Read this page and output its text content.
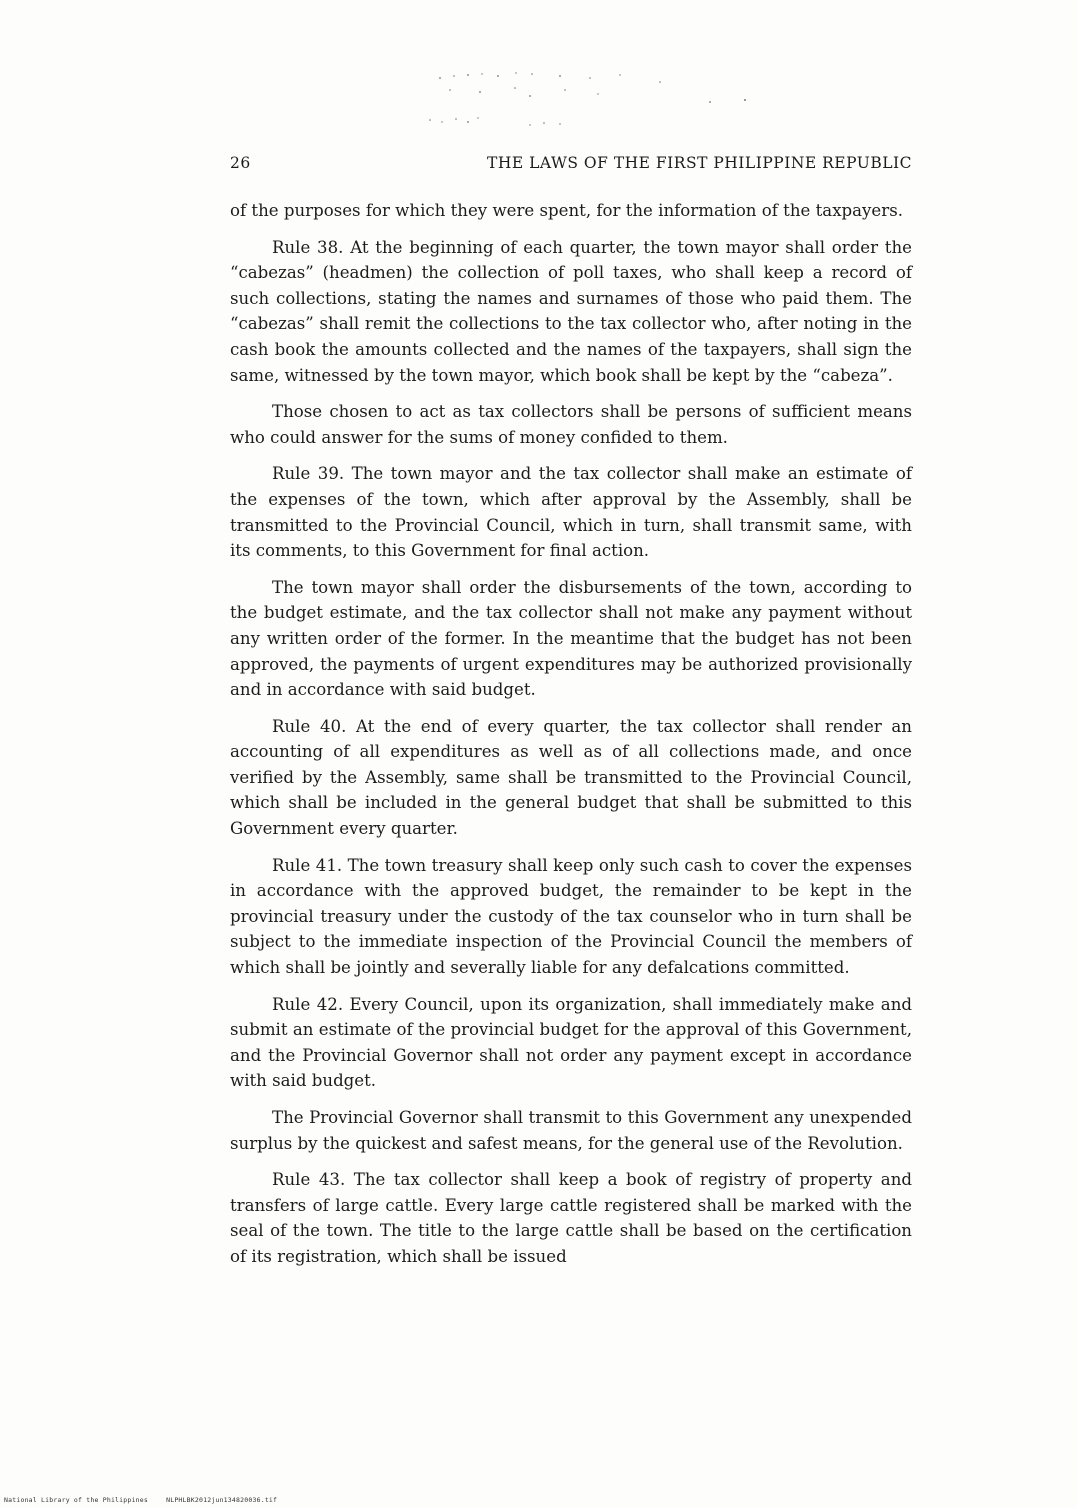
26	THE LAWS OF THE FIRST PHILIPPINE REPUBLIC

of the purposes for which they were spent, for the information of the taxpayers.

Rule 38. At the beginning of each quarter, the town mayor shall order the “cabezas” (headmen) the collection of poll taxes, who shall keep a record of such collections, stating the names and surnames of those who paid them. The “cabezas” shall remit the collections to the tax collector who, after noting in the cash book the amounts collected and the names of the taxpayers, shall sign the same, witnessed by the town mayor, which book shall be kept by the “cabeza”.

Those chosen to act as tax collectors shall be persons of sufficient means who could answer for the sums of money confided to them.

Rule 39. The town mayor and the tax collector shall make an estimate of the expenses of the town, which after approval by the Assembly, shall be transmitted to the Provincial Council, which in turn, shall transmit same, with its comments, to this Government for final action.

The town mayor shall order the disbursements of the town, according to the budget estimate, and the tax collector shall not make any payment without any written order of the former. In the meantime that the budget has not been approved, the payments of urgent expenditures may be authorized provisionally and in accordance with said budget.

Rule 40. At the end of every quarter, the tax collector shall render an accounting of all expenditures as well as of all collections made, and once verified by the Assembly, same shall be transmitted to the Provincial Council, which shall be included in the general budget that shall be submitted to this Government every quarter.

Rule 41. The town treasury shall keep only such cash to cover the expenses in accordance with the approved budget, the remainder to be kept in the provincial treasury under the custody of the tax counselor who in turn shall be subject to the immediate inspection of the Provincial Council the members of which shall be jointly and severally liable for any defalcations committed.

Rule 42. Every Council, upon its organization, shall immediately make and submit an estimate of the provincial budget for the approval of this Government, and the Provincial Governor shall not order any payment except in accordance with said budget.

The Provincial Governor shall transmit to this Government any unexpended surplus by the quickest and safest means, for the general use of the Revolution.

Rule 43. The tax collector shall keep a book of registry of property and transfers of large cattle. Every large cattle registered shall be marked with the seal of the town. The title to the large cattle shall be based on the certification of its registration, which shall be issued

National Library of the Philippines	NLPHLBK2012jun134820036.tif
